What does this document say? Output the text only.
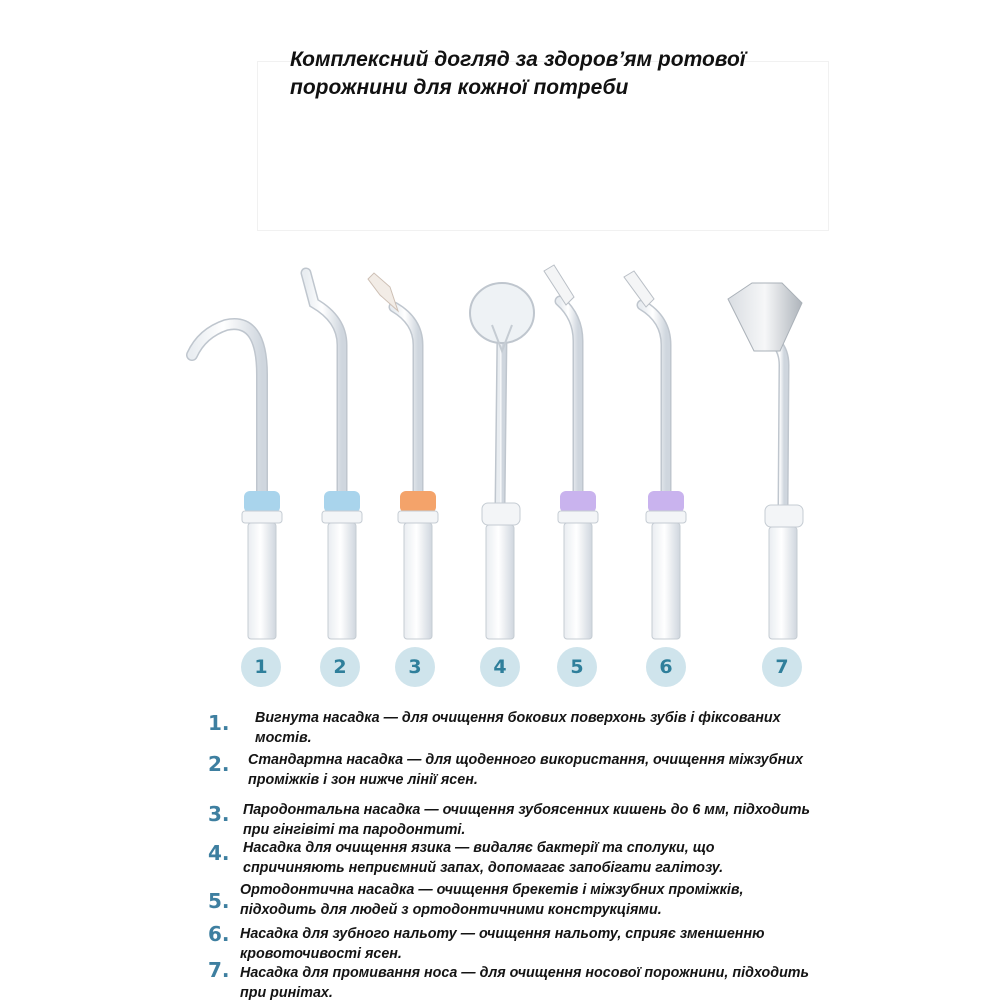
Комплексний догляд за здоров’ям ротової порожнини для кожної потреби
1	2	3	4	5	6	7
1. Вигнута насадка — для очищення бокових поверхонь зубів і фіксованих мостів.
2. Стандартна насадка — для щоденного використання, очищення міжзубних проміжків і зон нижче лінії ясен.
3. Пародонтальна насадка — очищення зубоясенних кишень до 6 мм, підходить при гінгівіті та пародонтиті.
4. Насадка для очищення язика — видаляє бактерії та сполуки, що спричиняють неприємний запах, допомагає запобігати галітозу.
5. Ортодонтична насадка — очищення брекетів і міжзубних проміжків, підходить для людей з ортодонтичними конструкціями.
6. Насадка для зубного нальоту — очищення нальоту, сприяє зменшенню кровоточивості ясен.
7. Насадка для промивання носа — для очищення носової порожнини, підходить при ринітах.
